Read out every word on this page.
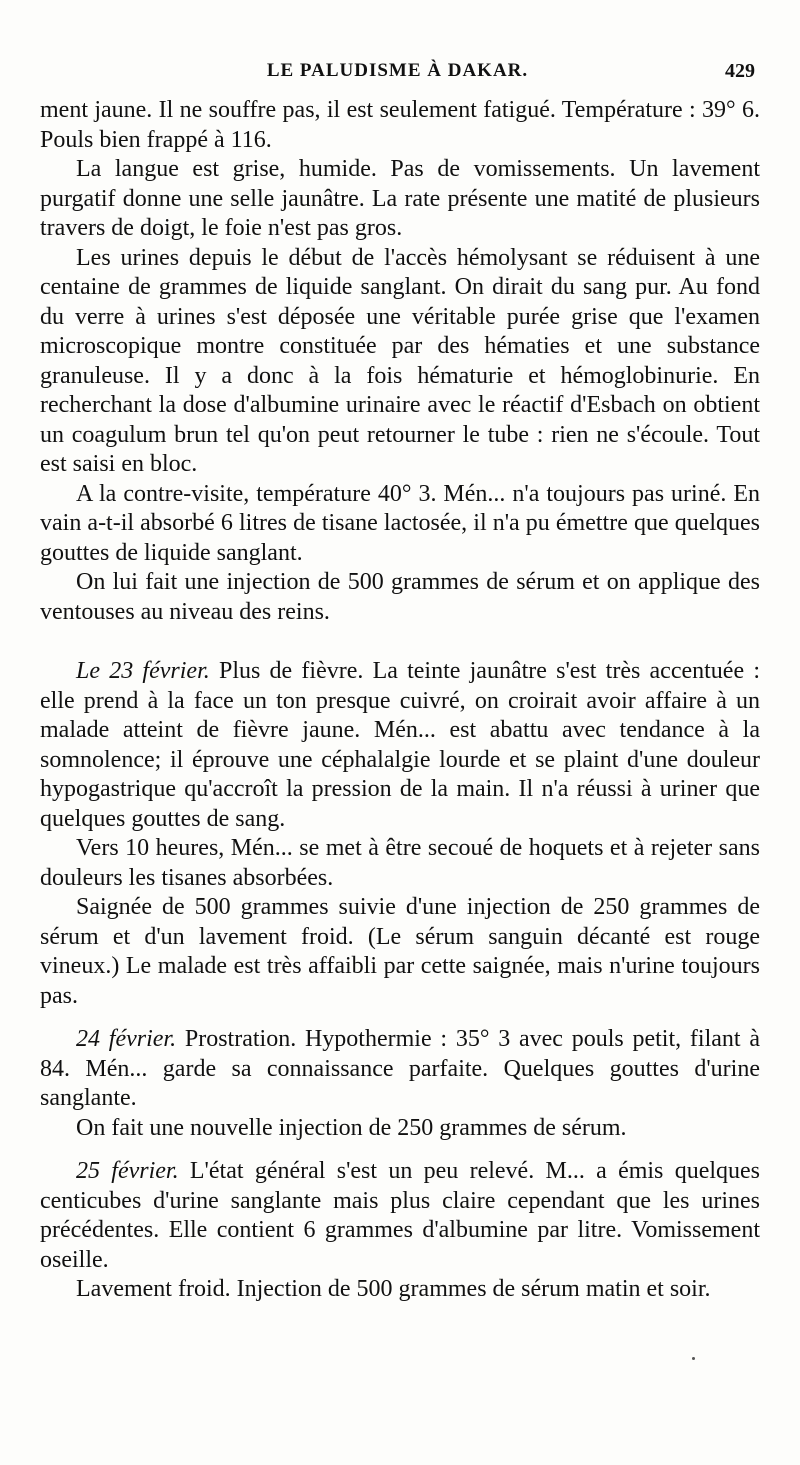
LE PALUDISME À DAKAR.	429

ment jaune. Il ne souffre pas, il est seulement fatigué. Température : 39° 6. Pouls bien frappé à 116.

La langue est grise, humide. Pas de vomissements. Un lavement purgatif donne une selle jaunâtre. La rate présente une matité de plusieurs travers de doigt, le foie n'est pas gros.

Les urines depuis le début de l'accès hémolysant se réduisent à une centaine de grammes de liquide sanglant. On dirait du sang pur. Au fond du verre à urines s'est déposée une véritable purée grise que l'examen microscopique montre constituée par des hématies et une substance granuleuse. Il y a donc à la fois hématurie et hémoglobinurie. En recherchant la dose d'albumine urinaire avec le réactif d'Esbach on obtient un coagulum brun tel qu'on peut retourner le tube : rien ne s'écoule. Tout est saisi en bloc.

A la contre-visite, température 40° 3. Mén... n'a toujours pas uriné. En vain a-t-il absorbé 6 litres de tisane lactosée, il n'a pu émettre que quelques gouttes de liquide sanglant.

On lui fait une injection de 500 grammes de sérum et on applique des ventouses au niveau des reins.

Le 23 février. Plus de fièvre. La teinte jaunâtre s'est très accentuée : elle prend à la face un ton presque cuivré, on croirait avoir affaire à un malade atteint de fièvre jaune. Mén... est abattu avec tendance à la somnolence; il éprouve une céphalalgie lourde et se plaint d'une douleur hypogastrique qu'accroît la pression de la main. Il n'a réussi à uriner que quelques gouttes de sang.

Vers 10 heures, Mén... se met à être secoué de hoquets et à rejeter sans douleurs les tisanes absorbées.

Saignée de 500 grammes suivie d'une injection de 250 grammes de sérum et d'un lavement froid. (Le sérum sanguin décanté est rouge vineux.) Le malade est très affaibli par cette saignée, mais n'urine toujours pas.

24 février. Prostration. Hypothermie : 35° 3 avec pouls petit, filant à 84. Mén... garde sa connaissance parfaite. Quelques gouttes d'urine sanglante.

On fait une nouvelle injection de 250 grammes de sérum.

25 février. L'état général s'est un peu relevé. M... a émis quelques centicubes d'urine sanglante mais plus claire cependant que les urines précédentes. Elle contient 6 grammes d'albumine par litre. Vomissement oseille.

Lavement froid. Injection de 500 grammes de sérum matin et soir.
